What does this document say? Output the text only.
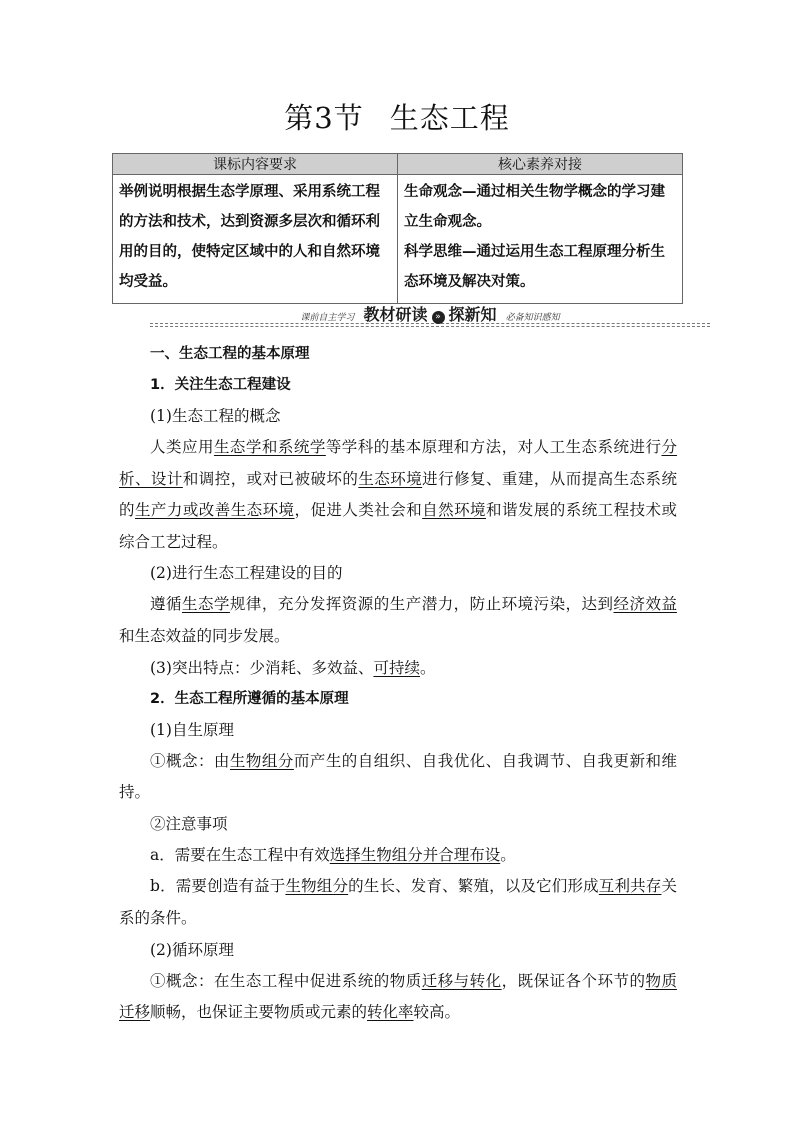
第3节 生态工程
课标内容要求	核心素养对接

举例说明根据生态学原理、采用系统工程的方法和技术，达到资源多层次和循环利用的目的，使特定区域中的人和自然环境均受益。	生命观念—通过相关生物学概念的学习建立生命观念。

科学思维—通过运用生态工程原理分析生态环境及解决对策。

课前自主学习 教材研读 » 探新知 必备知识感知

一、生态工程的基本原理

1．关注生态工程建设

(1)生态工程的概念

人类应用生态学和系统学等学科的基本原理和方法，对人工生态系统进行分析、设计和调控，或对已被破坏的生态环境进行修复、重建，从而提高生态系统的生产力或改善生态环境，促进人类社会和自然环境和谐发展的系统工程技术或综合工艺过程。

(2)进行生态工程建设的目的

遵循生态学规律，充分发挥资源的生产潜力，防止环境污染，达到经济效益和生态效益的同步发展。

(3)突出特点：少消耗、多效益、可持续。

2．生态工程所遵循的基本原理

(1)自生原理

①概念：由生物组分而产生的自组织、自我优化、自我调节、自我更新和维持。

②注意事项

a．需要在生态工程中有效选择生物组分并合理布设。

b．需要创造有益于生物组分的生长、发育、繁殖，以及它们形成互利共存关系的条件。

(2)循环原理

①概念：在生态工程中促进系统的物质迁移与转化，既保证各个环节的物质迁移顺畅，也保证主要物质或元素的转化率较高。
